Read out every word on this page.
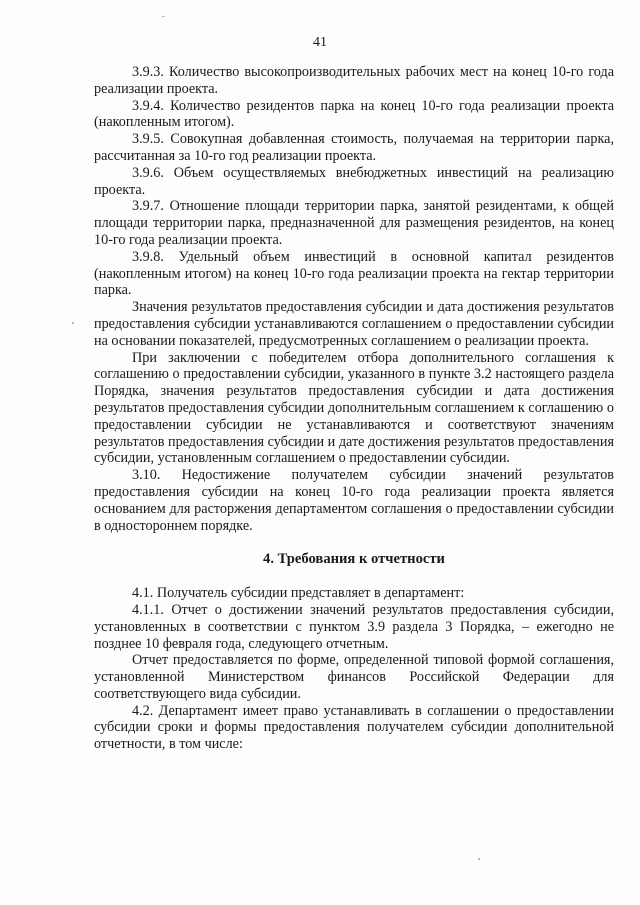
41

3.9.3. Количество высокопроизводительных рабочих мест на конец 10-го года реализации проекта.

3.9.4. Количество резидентов парка на конец 10-го года реализации проекта (накопленным итогом).

3.9.5. Совокупная добавленная стоимость, получаемая на территории парка, рассчитанная за 10-го год реализации проекта.

3.9.6. Объем осуществляемых внебюджетных инвестиций на реализацию проекта.

3.9.7. Отношение площади территории парка, занятой резидентами, к общей площади территории парка, предназначенной для размещения резидентов, на конец 10-го года реализации проекта.

3.9.8. Удельный объем инвестиций в основной капитал резидентов (накопленным итогом) на конец 10-го года реализации проекта на гектар территории парка.

Значения результатов предоставления субсидии и дата достижения результатов предоставления субсидии устанавливаются соглашением о предоставлении субсидии на основании показателей, предусмотренных соглашением о реализации проекта.

При заключении с победителем отбора дополнительного соглашения к соглашению о предоставлении субсидии, указанного в пункте 3.2 настоящего раздела Порядка, значения результатов предоставления субсидии и дата достижения результатов предоставления субсидии дополнительным соглашением к соглашению о предоставлении субсидии не устанавливаются и соответствуют значениям результатов предоставления субсидии и дате достижения результатов предоставления субсидии, установленным соглашением о предоставлении субсидии.

3.10. Недостижение получателем субсидии значений результатов предоставления субсидии на конец 10-го года реализации проекта является основанием для расторжения департаментом соглашения о предоставлении субсидии в одностороннем порядке.

4. Требования к отчетности

4.1. Получатель субсидии представляет в департамент:

4.1.1. Отчет о достижении значений результатов предоставления субсидии, установленных в соответствии с пунктом 3.9 раздела 3 Порядка, – ежегодно не позднее 10 февраля года, следующего отчетным.

Отчет предоставляется по форме, определенной типовой формой соглашения, установленной Министерством финансов Российской Федерации для соответствующего вида субсидии.

4.2. Департамент имеет право устанавливать в соглашении о предоставлении субсидии сроки и формы предоставления получателем субсидии дополнительной отчетности, в том числе:
